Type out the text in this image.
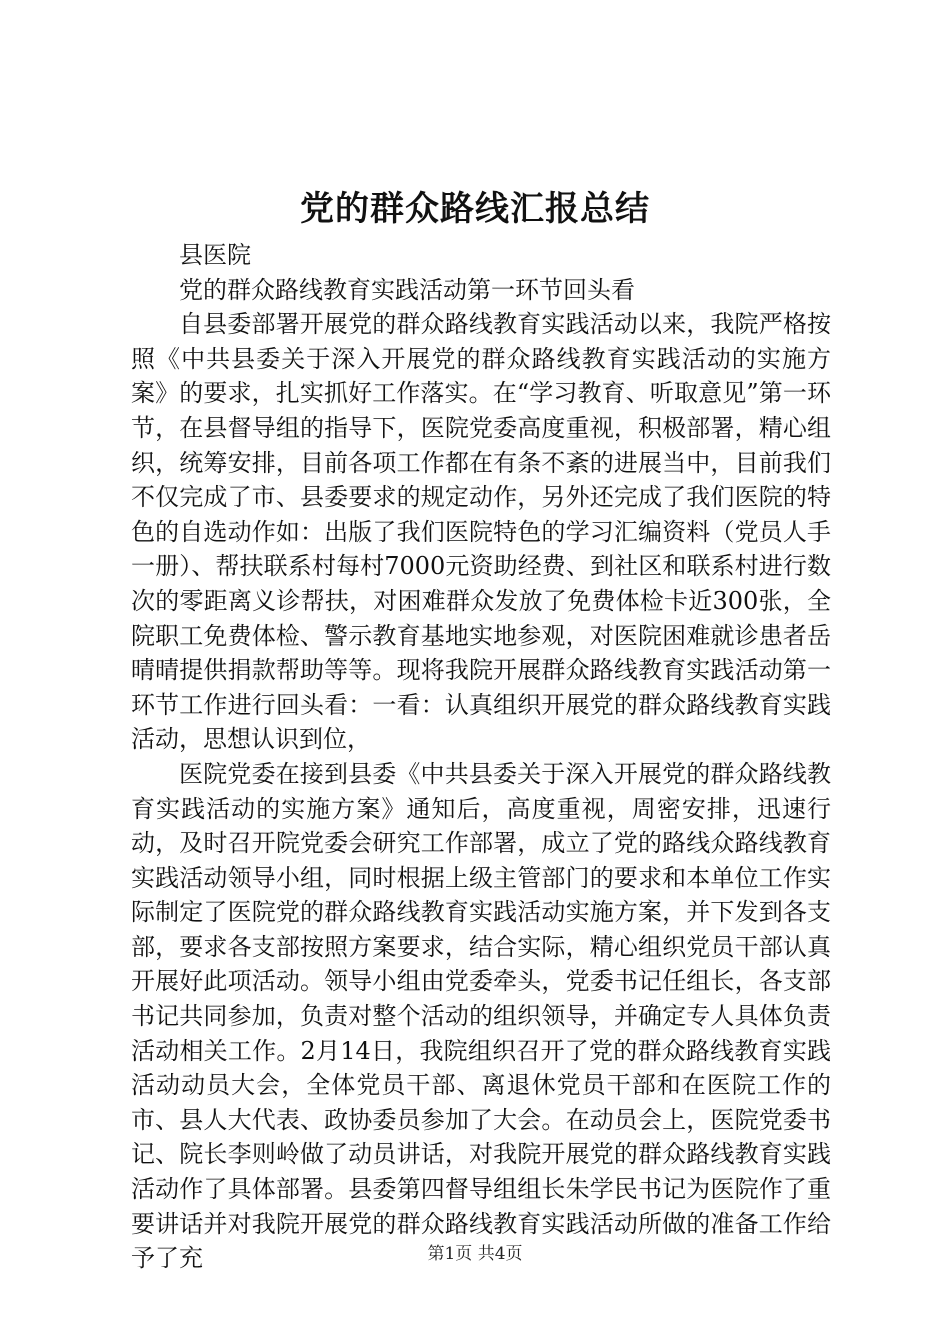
党的群众路线汇报总结

县医院

党的群众路线教育实践活动第一环节回头看

自县委部署开展党的群众路线教育实践活动以来，我院严格按照《中共县委关于深入开展党的群众路线教育实践活动的实施方案》的要求，扎实抓好工作落实。在“学习教育、听取意见”第一环节，在县督导组的指导下，医院党委高度重视，积极部署，精心组织，统筹安排，目前各项工作都在有条不紊的进展当中，目前我们不仅完成了市、县委要求的规定动作，另外还完成了我们医院的特色的自选动作如：出版了我们医院特色的学习汇编资料（党员人手一册）、帮扶联系村每村7000元资助经费、到社区和联系村进行数次的零距离义诊帮扶，对困难群众发放了免费体检卡近300张，全院职工免费体检、警示教育基地实地参观，对医院困难就诊患者岳晴晴提供捐款帮助等等。现将我院开展群众路线教育实践活动第一环节工作进行回头看：一看：认真组织开展党的群众路线教育实践活动，思想认识到位，

医院党委在接到县委《中共县委关于深入开展党的群众路线教育实践活动的实施方案》通知后，高度重视，周密安排，迅速行动，及时召开院党委会研究工作部署，成立了党的路线众路线教育实践活动领导小组，同时根据上级主管部门的要求和本单位工作实际制定了医院党的群众路线教育实践活动实施方案，并下发到各支部，要求各支部按照方案要求，结合实际，精心组织党员干部认真开展好此项活动。领导小组由党委牵头，党委书记任组长，各支部书记共同参加，负责对整个活动的组织领导，并确定专人具体负责活动相关工作。2月14日，我院组织召开了党的群众路线教育实践活动动员大会，全体党员干部、离退休党员干部和在医院工作的市、县人大代表、政协委员参加了大会。在动员会上，医院党委书记、院长李则岭做了动员讲话，对我院开展党的群众路线教育实践活动作了具体部署。县委第四督导组组长朱学民书记为医院作了重要讲话并对我院开展党的群众路线教育实践活动所做的准备工作给予了充	第1页 共4页
